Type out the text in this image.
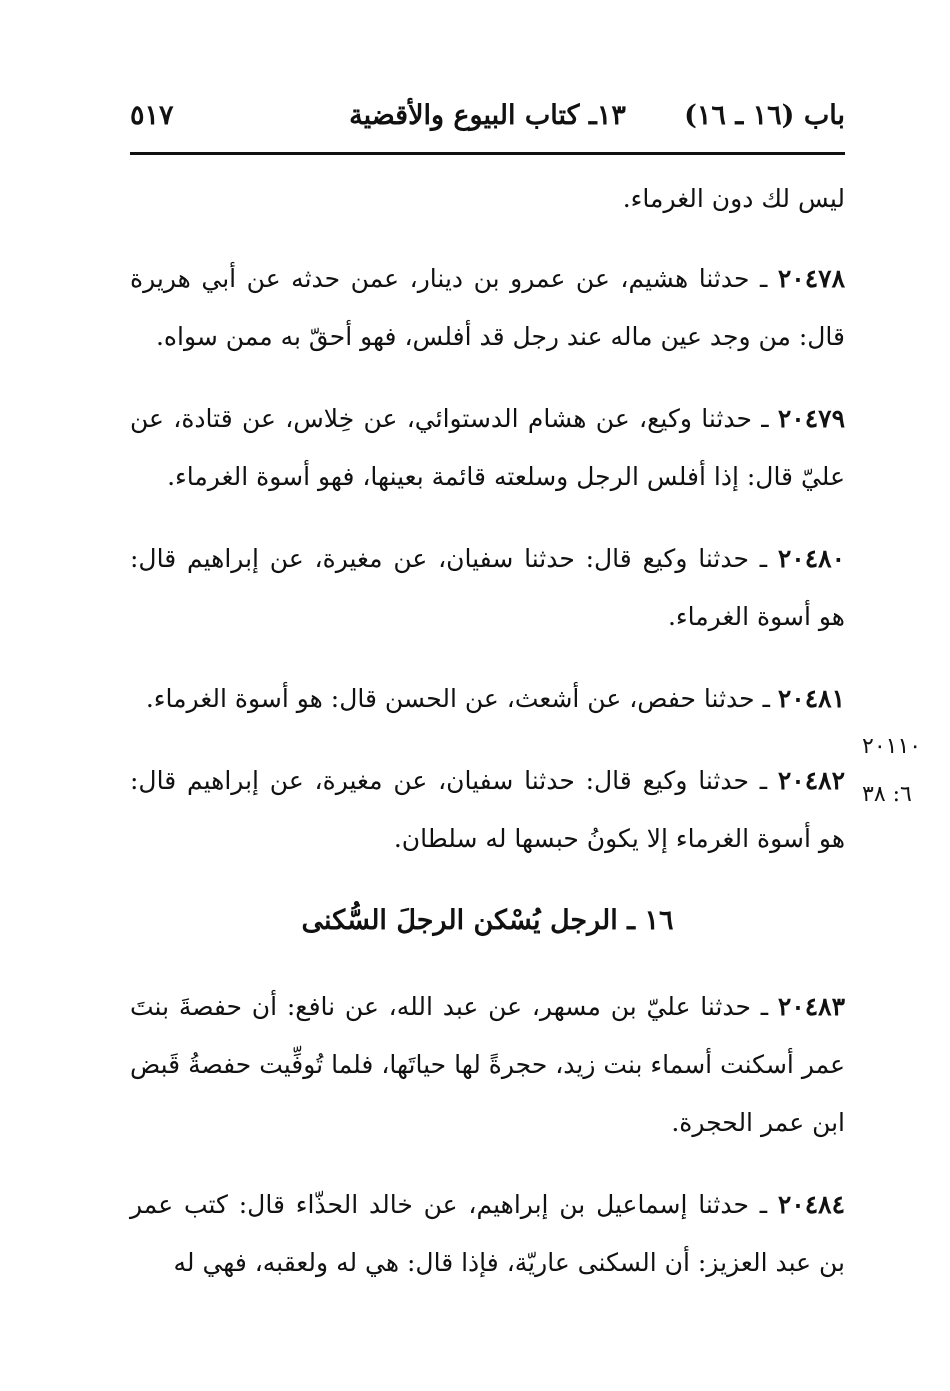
باب (١٦ ـ ١٦)
١٣ـ كتاب البيوع والأقضية
٥١٧

ليس لك دون الغرماء.

٢٠٤٧٨ ـ حدثنا هشيم، عن عمرو بن دينار، عمن حدثه عن أبي هريرة قال: من وجد عين ماله عند رجل قد أفلس، فهو أحقّ به ممن سواه.

٢٠٤٧٩ ـ حدثنا وكيع، عن هشام الدستوائي، عن خِلاس، عن قتادة، عن عليّ قال: إذا أفلس الرجل وسلعته قائمة بعينها، فهو أسوة الغرماء.

٢٠٤٨٠ ـ حدثنا وكيع قال: حدثنا سفيان، عن مغيرة، عن إبراهيم قال: هو أسوة الغرماء.

٢٠٤٨١ ـ حدثنا حفص، عن أشعث، عن الحسن قال: هو أسوة الغرماء.

٢٠٤٨٢ ـ حدثنا وكيع قال: حدثنا سفيان، عن مغيرة، عن إبراهيم قال: هو أسوة الغرماء إلا يكونُ حبسها له سلطان.

١٦ ـ الرجل يُسْكن الرجلَ السُّكنى

٢٠٤٨٣ ـ حدثنا عليّ بن مسهر، عن عبد الله، عن نافع: أن حفصةَ بنتَ عمر أسكنت أسماء بنت زيد، حجرةً لها حياتَها، فلما تُوفِّيت حفصةُ قَبض ابن عمر الحجرة.

٢٠٤٨٤ ـ حدثنا إسماعيل بن إبراهيم، عن خالد الحذّاء قال: كتب عمر بن عبد العزيز: أن السكنى عاريّة، فإذا قال: هي له ولعقبه، فهي له

٢٠١١٠
٦: ٣٨
